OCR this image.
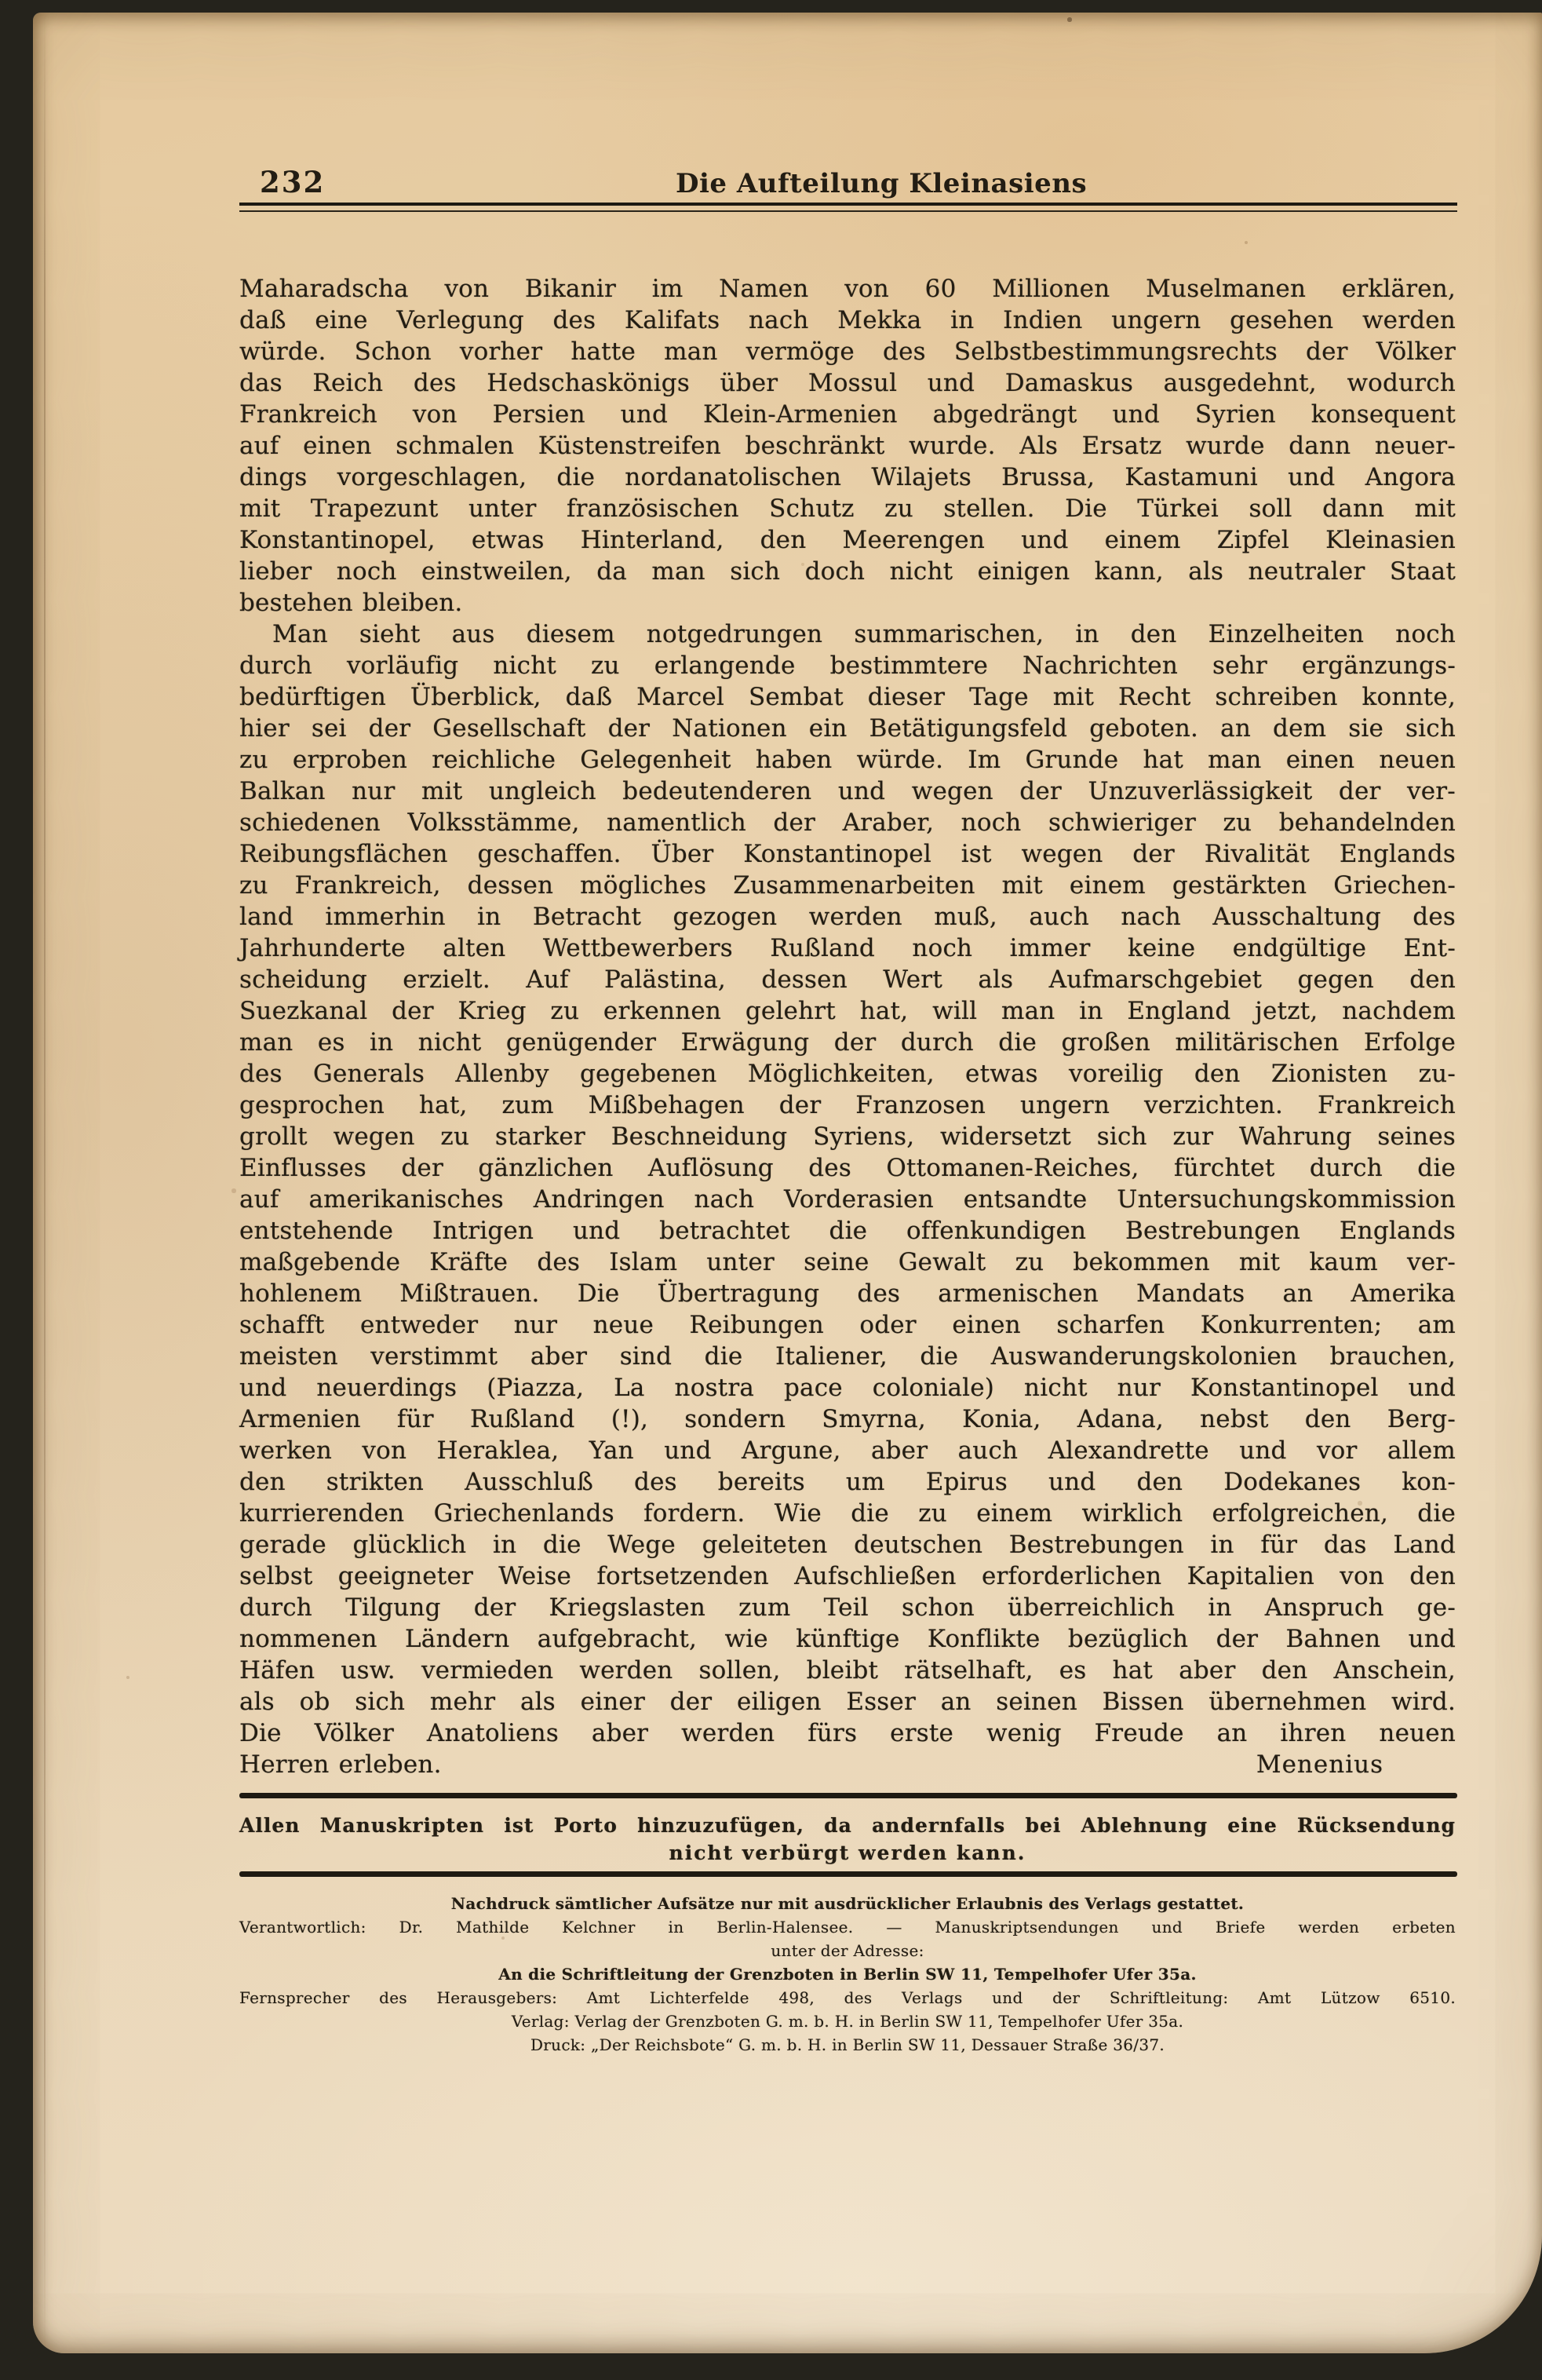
232	Die Aufteilung Kleinasiens
Maharadscha von Bikanir im Namen von 60 Millionen Muselmanen erklären,
daß eine Verlegung des Kalifats nach Mekka in Indien ungern gesehen werden
würde. Schon vorher hatte man vermöge des Selbstbestimmungsrechts der Völker
das Reich des Hedschaskönigs über Mossul und Damaskus ausgedehnt, wodurch
Frankreich von Persien und Klein-Armenien abgedrängt und Syrien konsequent
auf einen schmalen Küstenstreifen beschränkt wurde. Als Ersatz wurde dann neuer-
dings vorgeschlagen, die nordanatolischen Wilajets Brussa, Kastamuni und Angora
mit Trapezunt unter französischen Schutz zu stellen. Die Türkei soll dann mit
Konstantinopel, etwas Hinterland, den Meerengen und einem Zipfel Kleinasien
lieber noch einstweilen, da man sich doch nicht einigen kann, als neutraler Staat
bestehen bleiben.
Man sieht aus diesem notgedrungen summarischen, in den Einzelheiten noch
durch vorläufig nicht zu erlangende bestimmtere Nachrichten sehr ergänzungs-
bedürftigen Überblick, daß Marcel Sembat dieser Tage mit Recht schreiben konnte,
hier sei der Gesellschaft der Nationen ein Betätigungsfeld geboten. an dem sie sich
zu erproben reichliche Gelegenheit haben würde. Im Grunde hat man einen neuen
Balkan nur mit ungleich bedeutenderen und wegen der Unzuverlässigkeit der ver-
schiedenen Volksstämme, namentlich der Araber, noch schwieriger zu behandelnden
Reibungsflächen geschaffen. Über Konstantinopel ist wegen der Rivalität Englands
zu Frankreich, dessen mögliches Zusammenarbeiten mit einem gestärkten Griechen-
land immerhin in Betracht gezogen werden muß, auch nach Ausschaltung des
Jahrhunderte alten Wettbewerbers Rußland noch immer keine endgültige Ent-
scheidung erzielt. Auf Palästina, dessen Wert als Aufmarschgebiet gegen den
Suezkanal der Krieg zu erkennen gelehrt hat, will man in England jetzt, nachdem
man es in nicht genügender Erwägung der durch die großen militärischen Erfolge
des Generals Allenby gegebenen Möglichkeiten, etwas voreilig den Zionisten zu-
gesprochen hat, zum Mißbehagen der Franzosen ungern verzichten. Frankreich
grollt wegen zu starker Beschneidung Syriens, widersetzt sich zur Wahrung seines
Einflusses der gänzlichen Auflösung des Ottomanen-Reiches, fürchtet durch die
auf amerikanisches Andringen nach Vorderasien entsandte Untersuchungskommission
entstehende Intrigen und betrachtet die offenkundigen Bestrebungen Englands
maßgebende Kräfte des Islam unter seine Gewalt zu bekommen mit kaum ver-
hohlenem Mißtrauen. Die Übertragung des armenischen Mandats an Amerika
schafft entweder nur neue Reibungen oder einen scharfen Konkurrenten; am
meisten verstimmt aber sind die Italiener, die Auswanderungskolonien brauchen,
und neuerdings (Piazza, La nostra pace coloniale) nicht nur Konstantinopel und
Armenien für Rußland (!), sondern Smyrna, Konia, Adana, nebst den Berg-
werken von Heraklea, Yan und Argune, aber auch Alexandrette und vor allem
den strikten Ausschluß des bereits um Epirus und den Dodekanes kon-
kurrierenden Griechenlands fordern. Wie die zu einem wirklich erfolgreichen, die
gerade glücklich in die Wege geleiteten deutschen Bestrebungen in für das Land
selbst geeigneter Weise fortsetzenden Aufschließen erforderlichen Kapitalien von den
durch Tilgung der Kriegslasten zum Teil schon überreichlich in Anspruch ge-
nommenen Ländern aufgebracht, wie künftige Konflikte bezüglich der Bahnen und
Häfen usw. vermieden werden sollen, bleibt rätselhaft, es hat aber den Anschein,
als ob sich mehr als einer der eiligen Esser an seinen Bissen übernehmen wird.
Die Völker Anatoliens aber werden fürs erste wenig Freude an ihren neuen
Herren erleben.	Menenius
Allen Manuskripten ist Porto hinzuzufügen, da andernfalls bei Ablehnung eine Rücksendung
nicht verbürgt werden kann.
Nachdruck sämtlicher Aufsätze nur mit ausdrücklicher Erlaubnis des Verlags gestattet.
Verantwortlich: Dr. Mathilde Kelchner in Berlin-Halensee. — Manuskriptsendungen und Briefe werden erbeten
unter der Adresse:
An die Schriftleitung der Grenzboten in Berlin SW 11, Tempelhofer Ufer 35a.
Fernsprecher des Herausgebers: Amt Lichterfelde 498, des Verlags und der Schriftleitung: Amt Lützow 6510.
Verlag: Verlag der Grenzboten G. m. b. H. in Berlin SW 11, Tempelhofer Ufer 35a.
Druck: „Der Reichsbote“ G. m. b. H. in Berlin SW 11, Dessauer Straße 36/37.
